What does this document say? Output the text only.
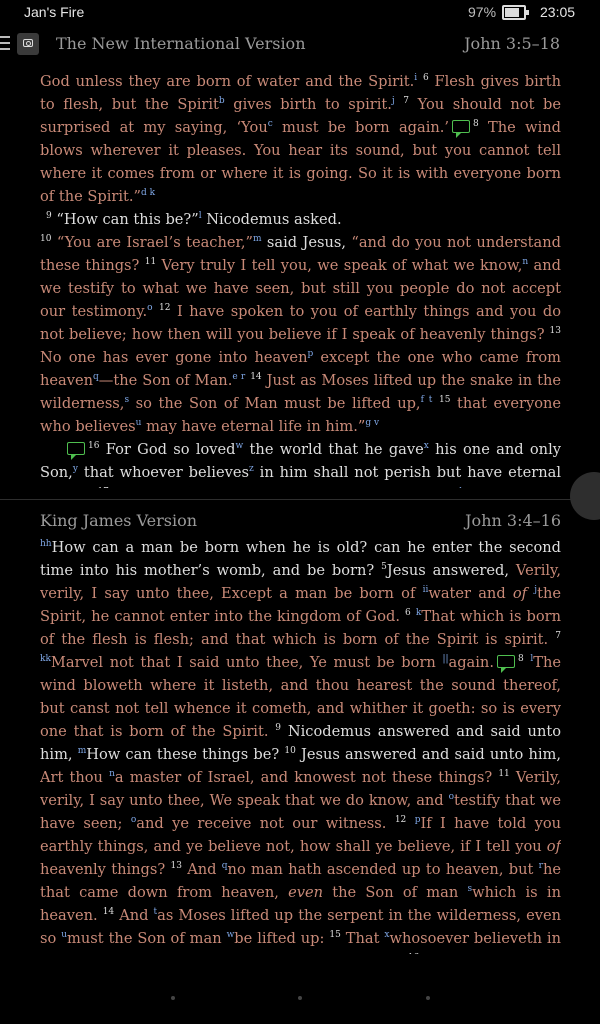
Jan's Fire	97%	23:05
The New International Version	John 3:5–18

God unless they are born of water and the Spirit.$^i$ $^6$ Flesh gives birth to flesh, but the Spirit$^b$ gives birth to spirit.$^j$ $^7$ You should not be surprised at my saying, ‘You$^c$ must be born again.’	$^8$ The wind blows wherever it pleases. You hear its sound, but you cannot tell where it comes from or where it is going. So it is with everyone born of the Spirit.”$^{d k}$

$^9$ “How can this be?”$^l$ Nicodemus asked.

$^{10}$ “You are Israel’s teacher,”$^m$ said Jesus, “and do you not understand these things? $^{11}$ Very truly I tell you, we speak of what we know,$^n$ and we testify to what we have seen, but still you people do not accept our testimony.$^o$ $^{12}$ I have spoken to you of earthly things and you do not believe; how then will you believe if I speak of heavenly things? $^{13}$ No one has ever gone into heaven$^p$ except the one who came from heaven$^q$—the Son of Man.$^{e r}$ $^{14}$ Just as Moses lifted up the snake in the wilderness,$^s$ so the Son of Man must be lifted up,$^{f t}$ $^{15}$ that everyone who believes$^u$ may have eternal life in him.”$^{g v}$

$^{16}$ For God so loved$^w$ the world that he gave$^x$ his one and only Son,$^y$ that whoever believes$^z$ in him shall not perish but have eternal

King James Version	John 3:4–16

$^{hh}$How can a man be born when he is old? can he enter the second time into his mother’s womb, and be born? $^5$Jesus answered, Verily, verily, I say unto thee, Except a man be born of $^{ii}$water and of $^j$the Spirit, he cannot enter into the kingdom of God. $^6$ $^k$That which is born of the flesh is flesh; and that which is born of the Spirit is spirit. $^7$ $^{kk}$Marvel not that I said unto thee, Ye must be born ||again.	$^8$ $^l$The wind bloweth where it listeth, and thou hearest the sound thereof, but canst not tell whence it cometh, and whither it goeth: so is every one that is born of the Spirit. $^9$ Nicodemus answered and said unto him, $^m$How can these things be? $^{10}$ Jesus answered and said unto him, Art thou $^n$a master of Israel, and knowest not these things? $^{11}$ Verily, verily, I say unto thee, We speak that we do know, and $^o$testify that we have seen; $^o$and ye receive not our witness. $^{12}$ $^p$If I have told you earthly things, and ye believe not, how shall ye believe, if I tell you of heavenly things? $^{13}$ And $^q$no man hath ascended up to heaven, but $^r$he that came down from heaven, even the Son of man $^s$which is in heaven. $^{14}$ And $^t$as Moses lifted up the serpent in the wilderness, even so $^u$must the Son of man $^w$be lifted up: $^{15}$ That $^x$whosoever believeth in
